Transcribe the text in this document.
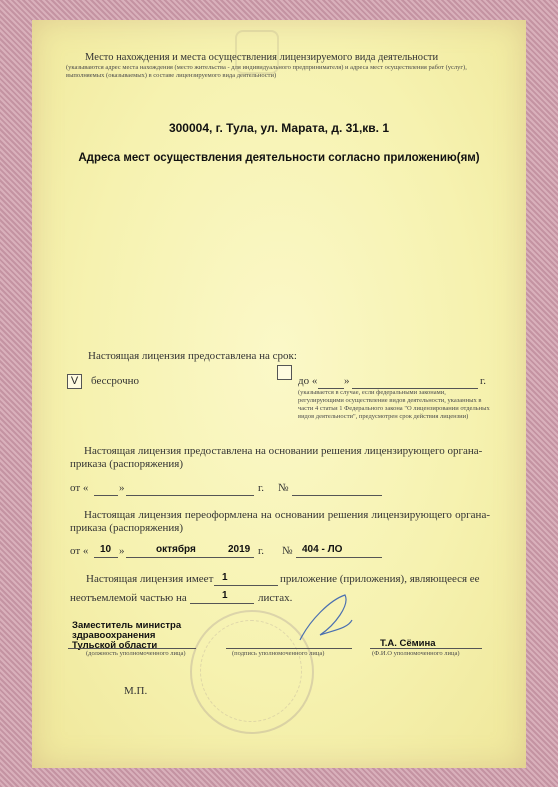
Место нахождения и места осуществления лицензируемого вида деятельности
(указываются адрес места нахождения (место жительства - для индивидуального предпринимателя) и адреса мест осуществления работ (услуг), выполняемых (оказываемых) в составе лицензируемого вида деятельности)
300004, г. Тула, ул. Марата, д. 31,кв. 1
Адреса мест осуществления деятельности согласно приложению(ям)
Настоящая лицензия предоставлена на срок:
V	бессрочно	до « »	г.
(указывается в случае, если федеральными законами, регулирующими осуществление видов деятельности, указанных в части 4 статьи 1 Федерального закона "О лицензировании отдельных видов деятельности", предусмотрен срок действия лицензии)
Настоящая лицензия предоставлена на основании решения лицензирующего органа-приказа (распоряжения)
от «	»	г. №
Настоящая лицензия переоформлена на основании решения лицензирующего органа-приказа (распоряжения)
от « 10 »	октября	2019 г. № 404 - ЛО
Настоящая лицензия имеет 1	приложение (приложения), являющееся ее
неотъемлемой частью на	1	листах.
Заместитель министра здравоохранения Тульской области
(должность уполномоченного лица)	(подпись уполномоченного лица)
Т.А. Сёмина
(Ф.И.О уполномоченного лица)
М.П.
